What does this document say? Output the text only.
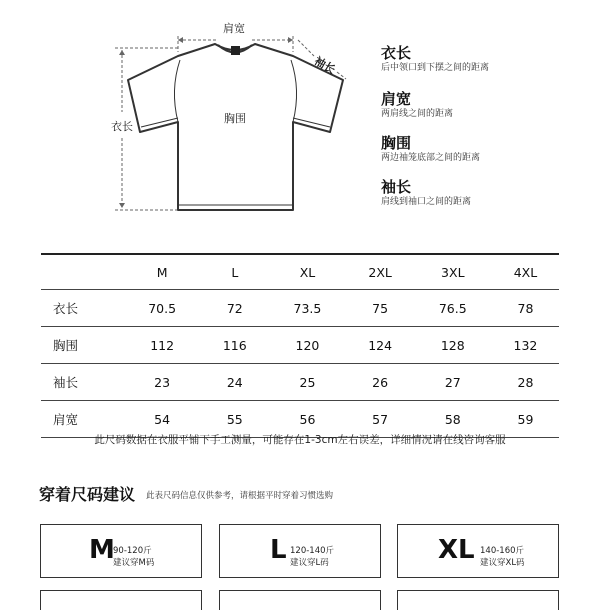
肩宽
袖长
衣长
胸围
衣长
后中领口到下摆之间的距离
肩宽
两肩线之间的距离
胸围
两边袖笼底部之间的距离
袖长
肩线到袖口之间的距离
	M	L	XL	2XL	3XL	4XL
衣长	70.5	72	73.5	75	76.5	78
胸围	112	116	120	124	128	132
袖长	23	24	25	26	27	28
肩宽	54	55	56	57	58	59
此尺码数据在衣服平铺下手工测量，可能存在1-3cm左右误差，详细情况请在线咨询客服
穿着尺码建议 此表尺码信息仅供参考，请根据平时穿着习惯选购
M
90-120斤
建议穿M码	L 120-140斤
建议穿L码	XL 140-160斤
建议穿XL码
